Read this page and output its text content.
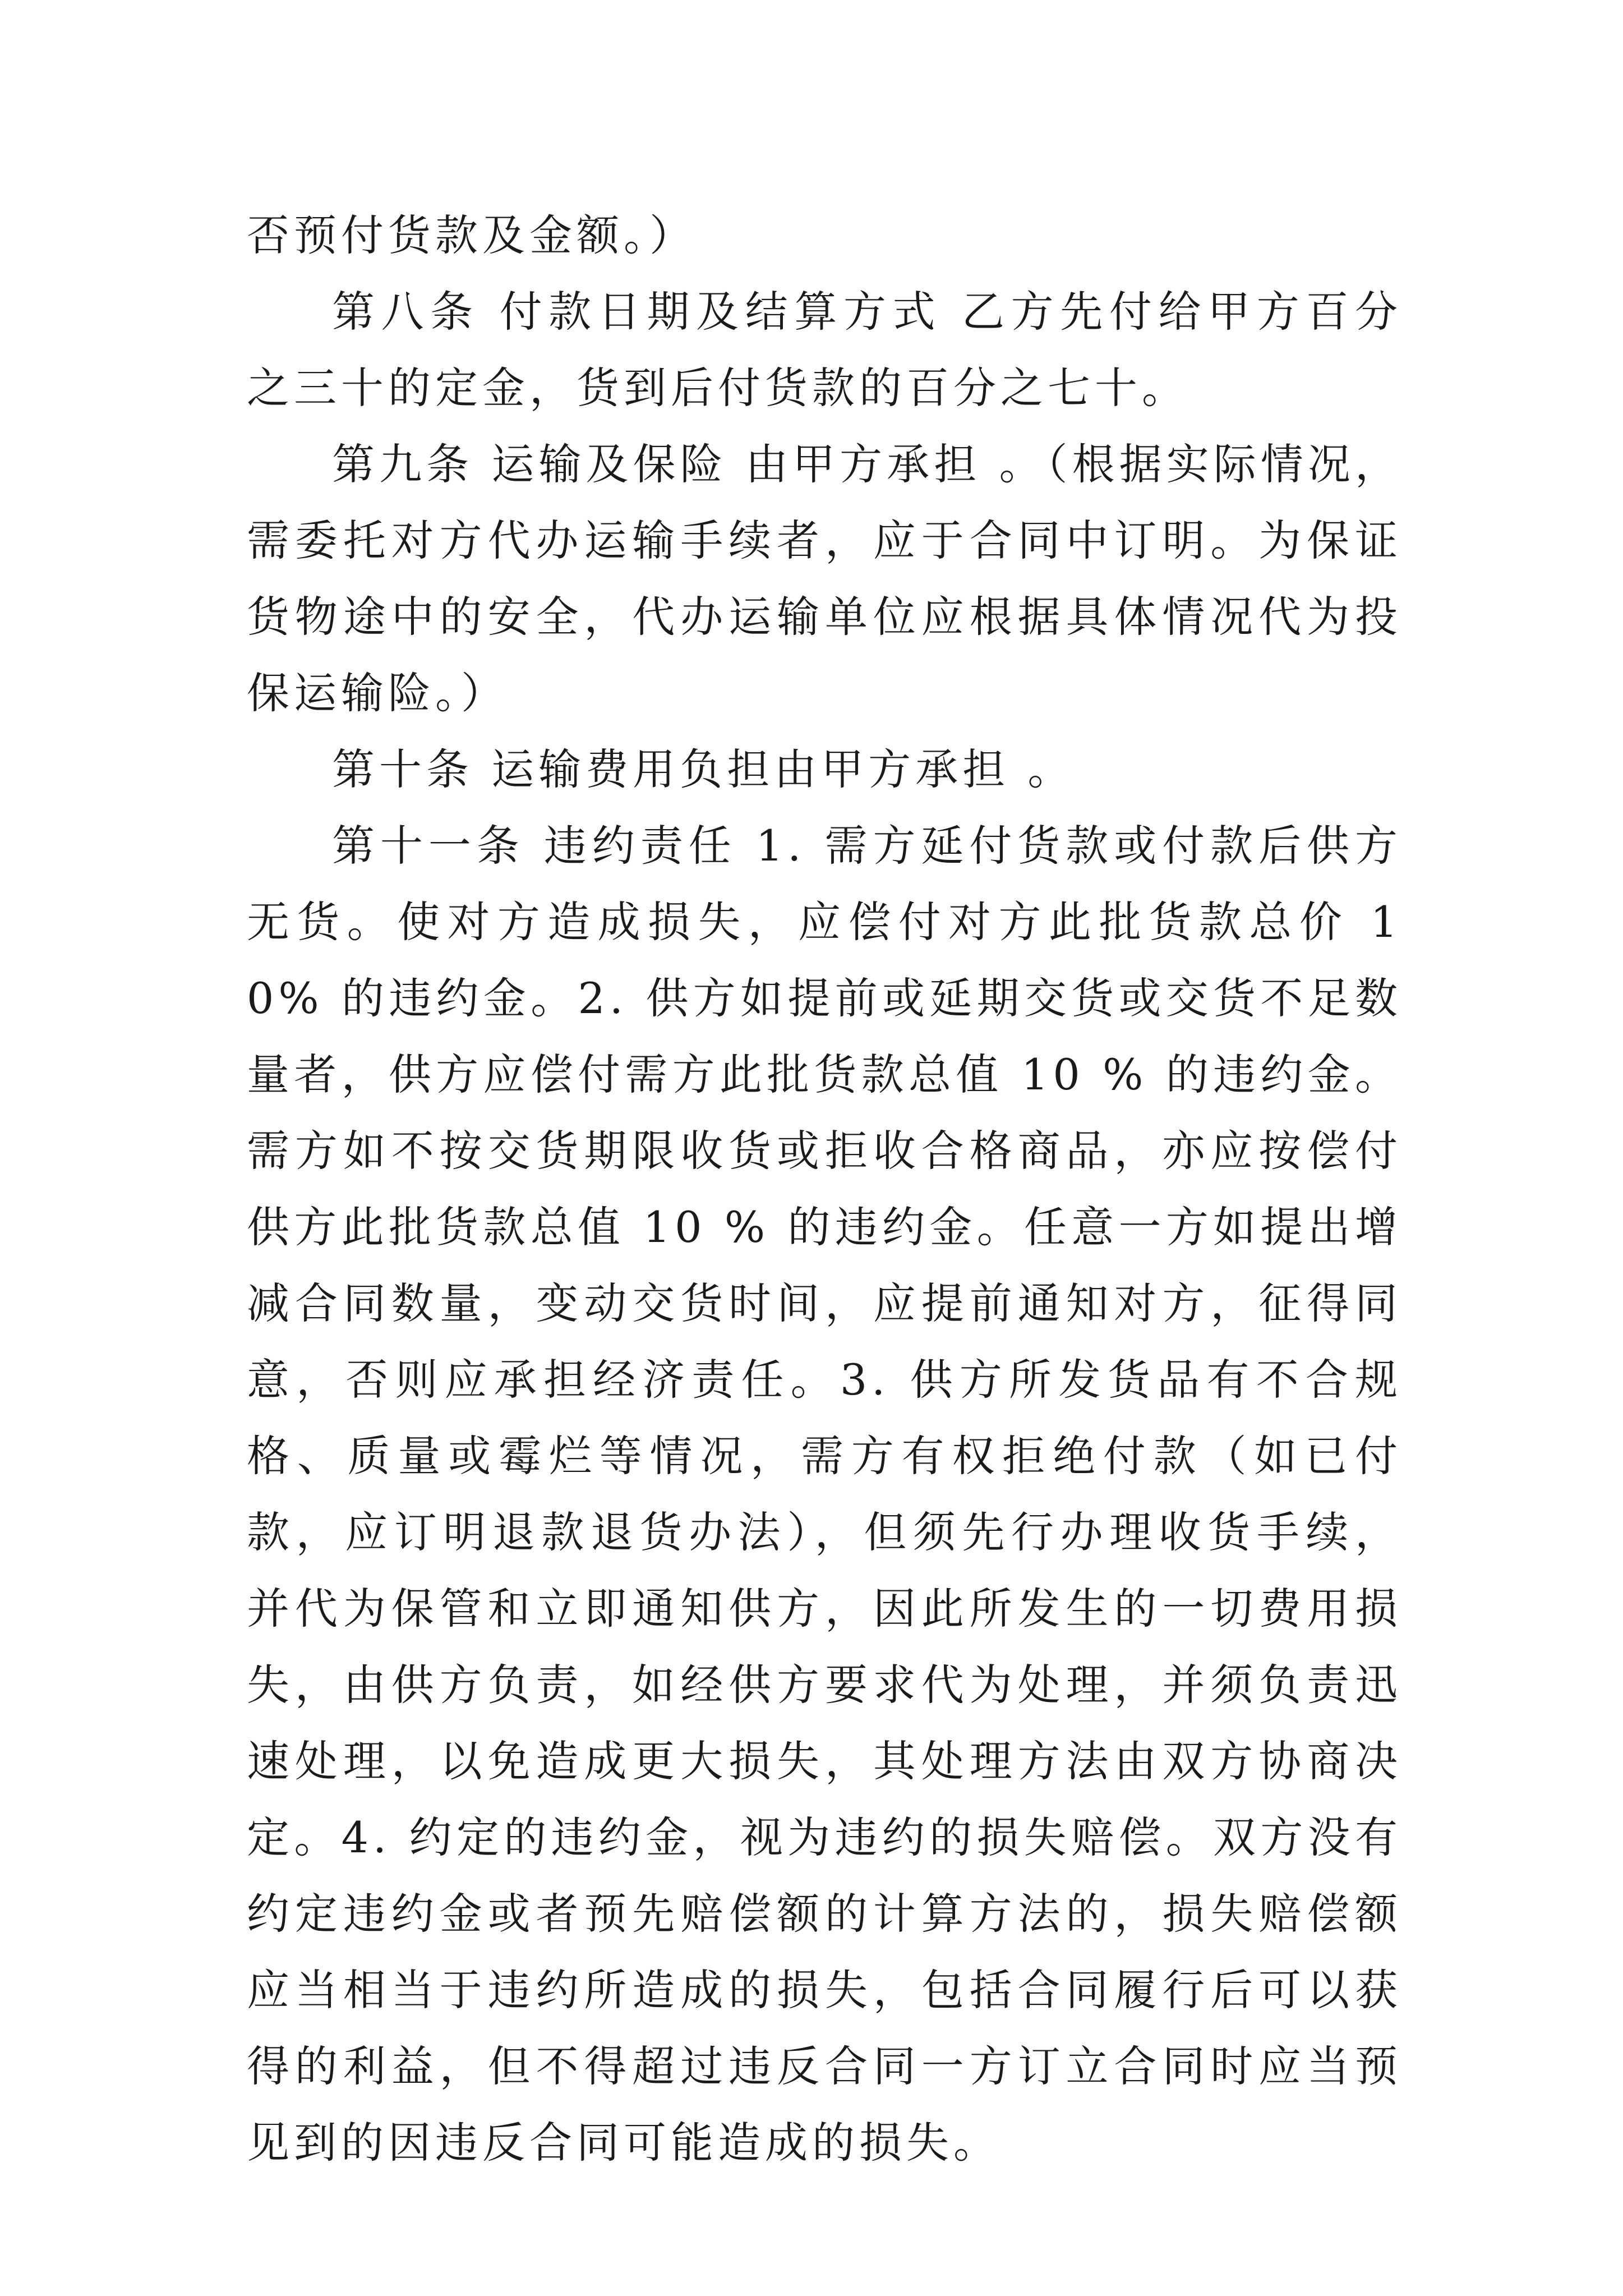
否预付货款及金额。）

第八条 付款日期及结算方式 乙方先付给甲方百分之三十的定金，货到后付货款的百分之七十。

第九条 运输及保险 由甲方承担 。（根据实际情况，需委托对方代办运输手续者，应于合同中订明。为保证货物途中的安全，代办运输单位应根据具体情况代为投保运输险。）

第十条 运输费用负担由甲方承担 。

第十一条 违约责任 1. 需方延付货款或付款后供方无货。使对方造成损失，应偿付对方此批货款总价 10% 的违约金。2. 供方如提前或延期交货或交货不足数量者，供方应偿付需方此批货款总值 10 % 的违约金。需方如不按交货期限收货或拒收合格商品，亦应按偿付供方此批货款总值 10 % 的违约金。任意一方如提出增减合同数量，变动交货时间，应提前通知对方，征得同意，否则应承担经济责任。3. 供方所发货品有不合规格、质量或霉烂等情况，需方有权拒绝付款（如已付款，应订明退款退货办法），但须先行办理收货手续，并代为保管和立即通知供方，因此所发生的一切费用损失，由供方负责，如经供方要求代为处理，并须负责迅速处理，以免造成更大损失，其处理方法由双方协商决定。4. 约定的违约金，视为违约的损失赔偿。双方没有约定违约金或者预先赔偿额的计算方法的，损失赔偿额应当相当于违约所造成的损失，包括合同履行后可以获得的利益，但不得超过违反合同一方订立合同时应当预见到的因违反合同可能造成的损失。
